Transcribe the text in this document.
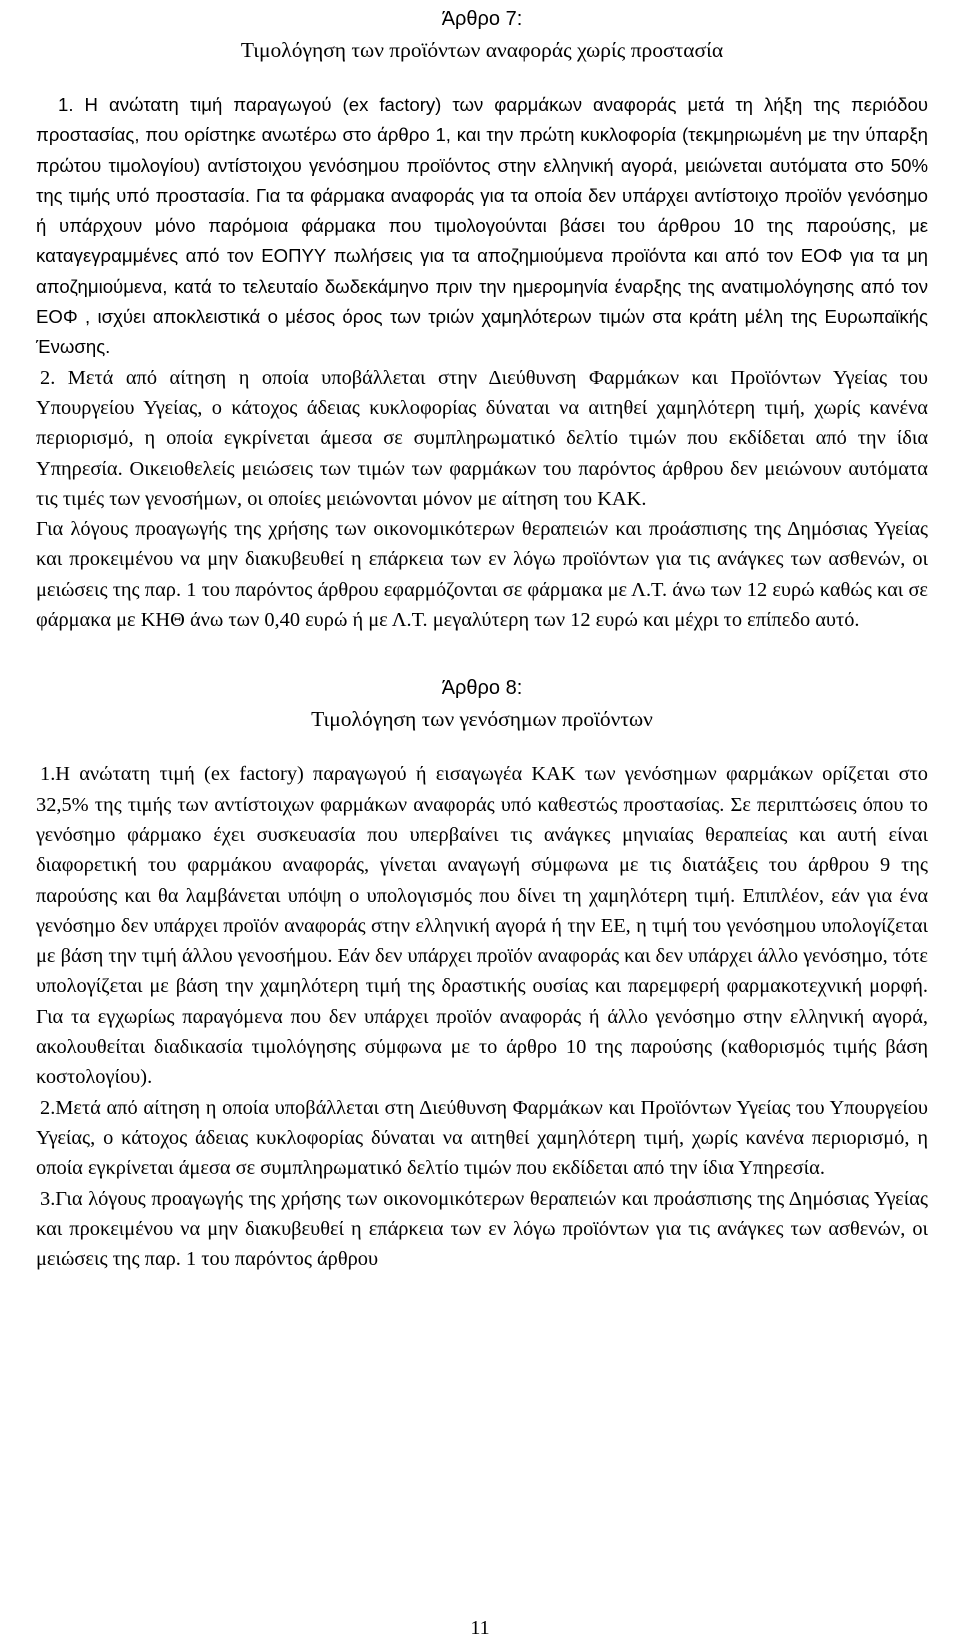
Άρθρο 7:

Τιμολόγηση των προϊόντων αναφοράς χωρίς προστασία

1. Η ανώτατη τιμή παραγωγού (ex factory) των φαρμάκων αναφοράς μετά τη λήξη της περιόδου προστασίας, που ορίστηκε ανωτέρω στο άρθρο 1, και την πρώτη κυκλοφορία (τεκμηριωμένη με την ύπαρξη πρώτου τιμολογίου) αντίστοιχου γενόσημου προϊόντος στην ελληνική αγορά, μειώνεται αυτόματα στο 50% της τιμής υπό προστασία. Για τα φάρμακα αναφοράς για τα οποία δεν υπάρχει αντίστοιχο προϊόν γενόσημο ή υπάρχουν μόνο παρόμοια φάρμακα που τιμολογούνται βάσει του άρθρου 10 της παρούσης, με καταγεγραμμένες από τον ΕΟΠΥΥ πωλήσεις για τα αποζημιούμενα προϊόντα και από τον ΕΟΦ για τα μη αποζημιούμενα, κατά το τελευταίο δωδεκάμηνο πριν την ημερομηνία έναρξης της ανατιμολόγησης από τον ΕΟΦ , ισχύει αποκλειστικά ο μέσος όρος των τριών χαμηλότερων τιμών στα κράτη μέλη της Ευρωπαϊκής Ένωσης.

2. Μετά από αίτηση η οποία υποβάλλεται στην Διεύθυνση Φαρμάκων και Προϊόντων Υγείας του Υπουργείου Υγείας, ο κάτοχος άδειας κυκλοφορίας δύναται να αιτηθεί χαμηλότερη τιμή, χωρίς κανένα περιορισμό, η οποία εγκρίνεται άμεσα σε συμπληρωματικό δελτίο τιμών που εκδίδεται από την ίδια Υπηρεσία. Οικειοθελείς μειώσεις των τιμών των φαρμάκων του παρόντος άρθρου δεν μειώνουν αυτόματα τις τιμές των γενοσήμων, οι οποίες μειώνονται μόνον με αίτηση του ΚΑΚ.

Για λόγους προαγωγής της χρήσης των οικονομικότερων θεραπειών και προάσπισης της Δημόσιας Υγείας και προκειμένου να μην διακυβευθεί η επάρκεια των εν λόγω προϊόντων για τις ανάγκες των ασθενών, οι μειώσεις της παρ. 1 του παρόντος άρθρου εφαρμόζονται σε φάρμακα με Λ.Τ. άνω των 12 ευρώ καθώς και σε φάρμακα με ΚΗΘ άνω των 0,40 ευρώ ή με Λ.Τ. μεγαλύτερη των 12 ευρώ και μέχρι το επίπεδο αυτό.

Άρθρο 8:

Τιμολόγηση των γενόσημων προϊόντων

1.Η ανώτατη τιμή (ex factory) παραγωγού ή εισαγωγέα ΚΑΚ των γενόσημων φαρμάκων ορίζεται στο 32,5% της τιμής των αντίστοιχων φαρμάκων αναφοράς υπό καθεστώς προστασίας. Σε περιπτώσεις όπου το γενόσημο φάρμακο έχει συσκευασία που υπερβαίνει τις ανάγκες μηνιαίας θεραπείας και αυτή είναι διαφορετική του φαρμάκου αναφοράς, γίνεται αναγωγή σύμφωνα με τις διατάξεις του άρθρου 9 της παρούσης και θα λαμβάνεται υπόψη ο υπολογισμός που δίνει τη χαμηλότερη τιμή. Επιπλέον, εάν για ένα γενόσημο δεν υπάρχει προϊόν αναφοράς στην ελληνική αγορά ή την ΕΕ, η τιμή του γενόσημου υπολογίζεται με βάση την τιμή άλλου γενοσήμου. Εάν δεν υπάρχει προϊόν αναφοράς και δεν υπάρχει άλλο γενόσημο, τότε υπολογίζεται με βάση την χαμηλότερη τιμή της δραστικής ουσίας και παρεμφερή φαρμακοτεχνική μορφή. Για τα εγχωρίως παραγόμενα που δεν υπάρχει προϊόν αναφοράς ή άλλο γενόσημο στην ελληνική αγορά, ακολουθείται διαδικασία τιμολόγησης σύμφωνα με το άρθρο 10 της παρούσης (καθορισμός τιμής βάση κοστολογίου).

2.Μετά από αίτηση η οποία υποβάλλεται στη Διεύθυνση Φαρμάκων και Προϊόντων Υγείας του Υπουργείου Υγείας, ο κάτοχος άδειας κυκλοφορίας δύναται να αιτηθεί χαμηλότερη τιμή, χωρίς κανένα περιορισμό, η οποία εγκρίνεται άμεσα σε συμπληρωματικό δελτίο τιμών που εκδίδεται από την ίδια Υπηρεσία.

3.Για λόγους προαγωγής της χρήσης των οικονομικότερων θεραπειών και προάσπισης της Δημόσιας Υγείας και προκειμένου να μην διακυβευθεί η επάρκεια των εν λόγω προϊόντων για τις ανάγκες των ασθενών, οι μειώσεις της παρ. 1 του παρόντος άρθρου

11
